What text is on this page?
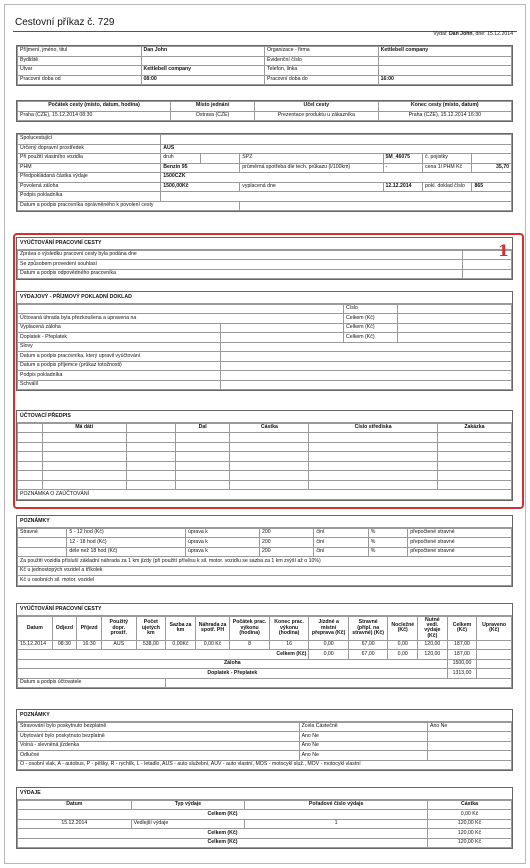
Cestovní příkaz č. 729
Vydal: Dan John, dne: 15.12.2014
Příjmení, jméno, titul	Dan John	Organizace - firma	Kettlebell company
Bydliště		Evidenční číslo	
Útvar	Kettlebell company	Telefon, linka	
Pracovní doba od	08:00	Pracovní doba do	16:00
Počátek cesty (místo, datum, hodina)	Místo jednání	Účel cesty	Konec cesty (místo, datum)
Praha (CZE), 15.12.2014 08:30	Ostrava (CZE)	Prezentace produktu u zákazníka	Praha (CZE), 15.12.2014 16:30
Spolucestující						
Určený dopravní prostředek	AUS					
Při použití vlastního vozidla	druh		SPZ	5M_46075	č. pojistky	
PHM	Benzin 95		průměrná spotřeba dle tech. průkazu (l/100km)	-	cena 1l PHM Kč	35,70
Předpokládaná částka výdaje	1500CZK					
Povolená záloha	1500,00Kč		vyplacená dne	12.12.2014	pokl. doklad číslo	865
Podpis pokladníka						
Datum a podpis pracovníka oprávněného k povolení cesty						
VYÚČTOVÁNÍ PRACOVNÍ CESTY
Zpráva o výsledku pracovní cesty byla podána dne	
Se způsobem provedení souhlasí	
Datum a podpis odpovědného pracovníka	
VÝDAJOVÝ - PŘÍJMOVÝ POKLADNÍ DOKLAD
		Číslo	
Účtovaná úhrada byla přezkoušena a upravena na		Celkem (Kč)	
Vyplacená záloha		Celkem (Kč)	
Doplatek - Přeplatek		Celkem (Kč)	
Slovy			
Datum a podpis pracovníka, který upravil vyúčtování			
Datum a podpis příjemce (průkaz totožnosti)			
Podpis pokladníka			
Schválil			
ÚČTOVACÍ PŘEDPIS
	Má dáti		Dal	Částka	Číslo střediska	Zakázka

POZNÁMKA O ZAÚČTOVÁNÍ						
1
POZNÁMKY
Stravné	5 - 12 hod (Kč)	úprava k	200	činí	%	přepočtené stravné
	12 - 18 hod (Kč)	úprava k	200	činí	%	přepočtené stravné
	déle než 18 hod (Kč)	úprava k	200	činí	%	přepočtené stravné
Za použití vozidla přísluší základní náhrada za 1 km jízdy (při použití přívěsu k sil. motor. vozidlu se sazba za 1 km zvýší až o 10%)						
Kč u jednostopých vozidel a tříkolek						
Kč u osobních sil. motor. vozidel						
VYÚČTOVÁNÍ PRACOVNÍ CESTY
Datum	Odjezd	Příjezd	Použitý dopr. prostř.	Počet ujetých km	Sazba za km	Náhrada za spotř. PH	Počátek prac. výkonu (hodina)	Konec prac. výkonu (hodina)	Jízdné a místní přeprava (Kč)	Stravné (přípl. na stravné) (Kč)	Nocležné (Kč)	Nutné vedl. výdaje (Kč)	Celkem (Kč)	Upraveno (Kč)
15.12.2014	08:30	16:30	AUS	538,00	0,00Kč	0,00 Kč	8	16	0,00	67,00	0,00	120,00	187,00	
Celkem (Kč)									0,00	67,00	0,00	120,00	187,00	
Záloha													1500,00	
Doplatek - Přeplatek													1313,00	
Datum a podpis účtovatele														
POZNÁMKY
Stravování bylo poskytnuto bezplatně	Zcela Částečně	Ano Ne
Ubytování bylo poskytnuto bezplatně	Ano Ne	
Volná - slevněná jízdenka	Ano Ne	
Odlučné	Ano Ne	
O - osobní vlak, A - autobus, P - pěšky, R - rychlík, L - letadlo, AUS - auto služební, AUV - auto vlastní, MOS - motocykl služ., MOV - motocykl vlastní		
VÝDAJE
Datum	Typ výdaje	Pořadové číslo výdaje	Částka
Celkem (Kč)			0,00 Kč
15.12.2014	Vedlejší výdaje	1	120,00 Kč
Celkem (Kč)			120,00 Kč
Celkem (Kč)			120,00 Kč
